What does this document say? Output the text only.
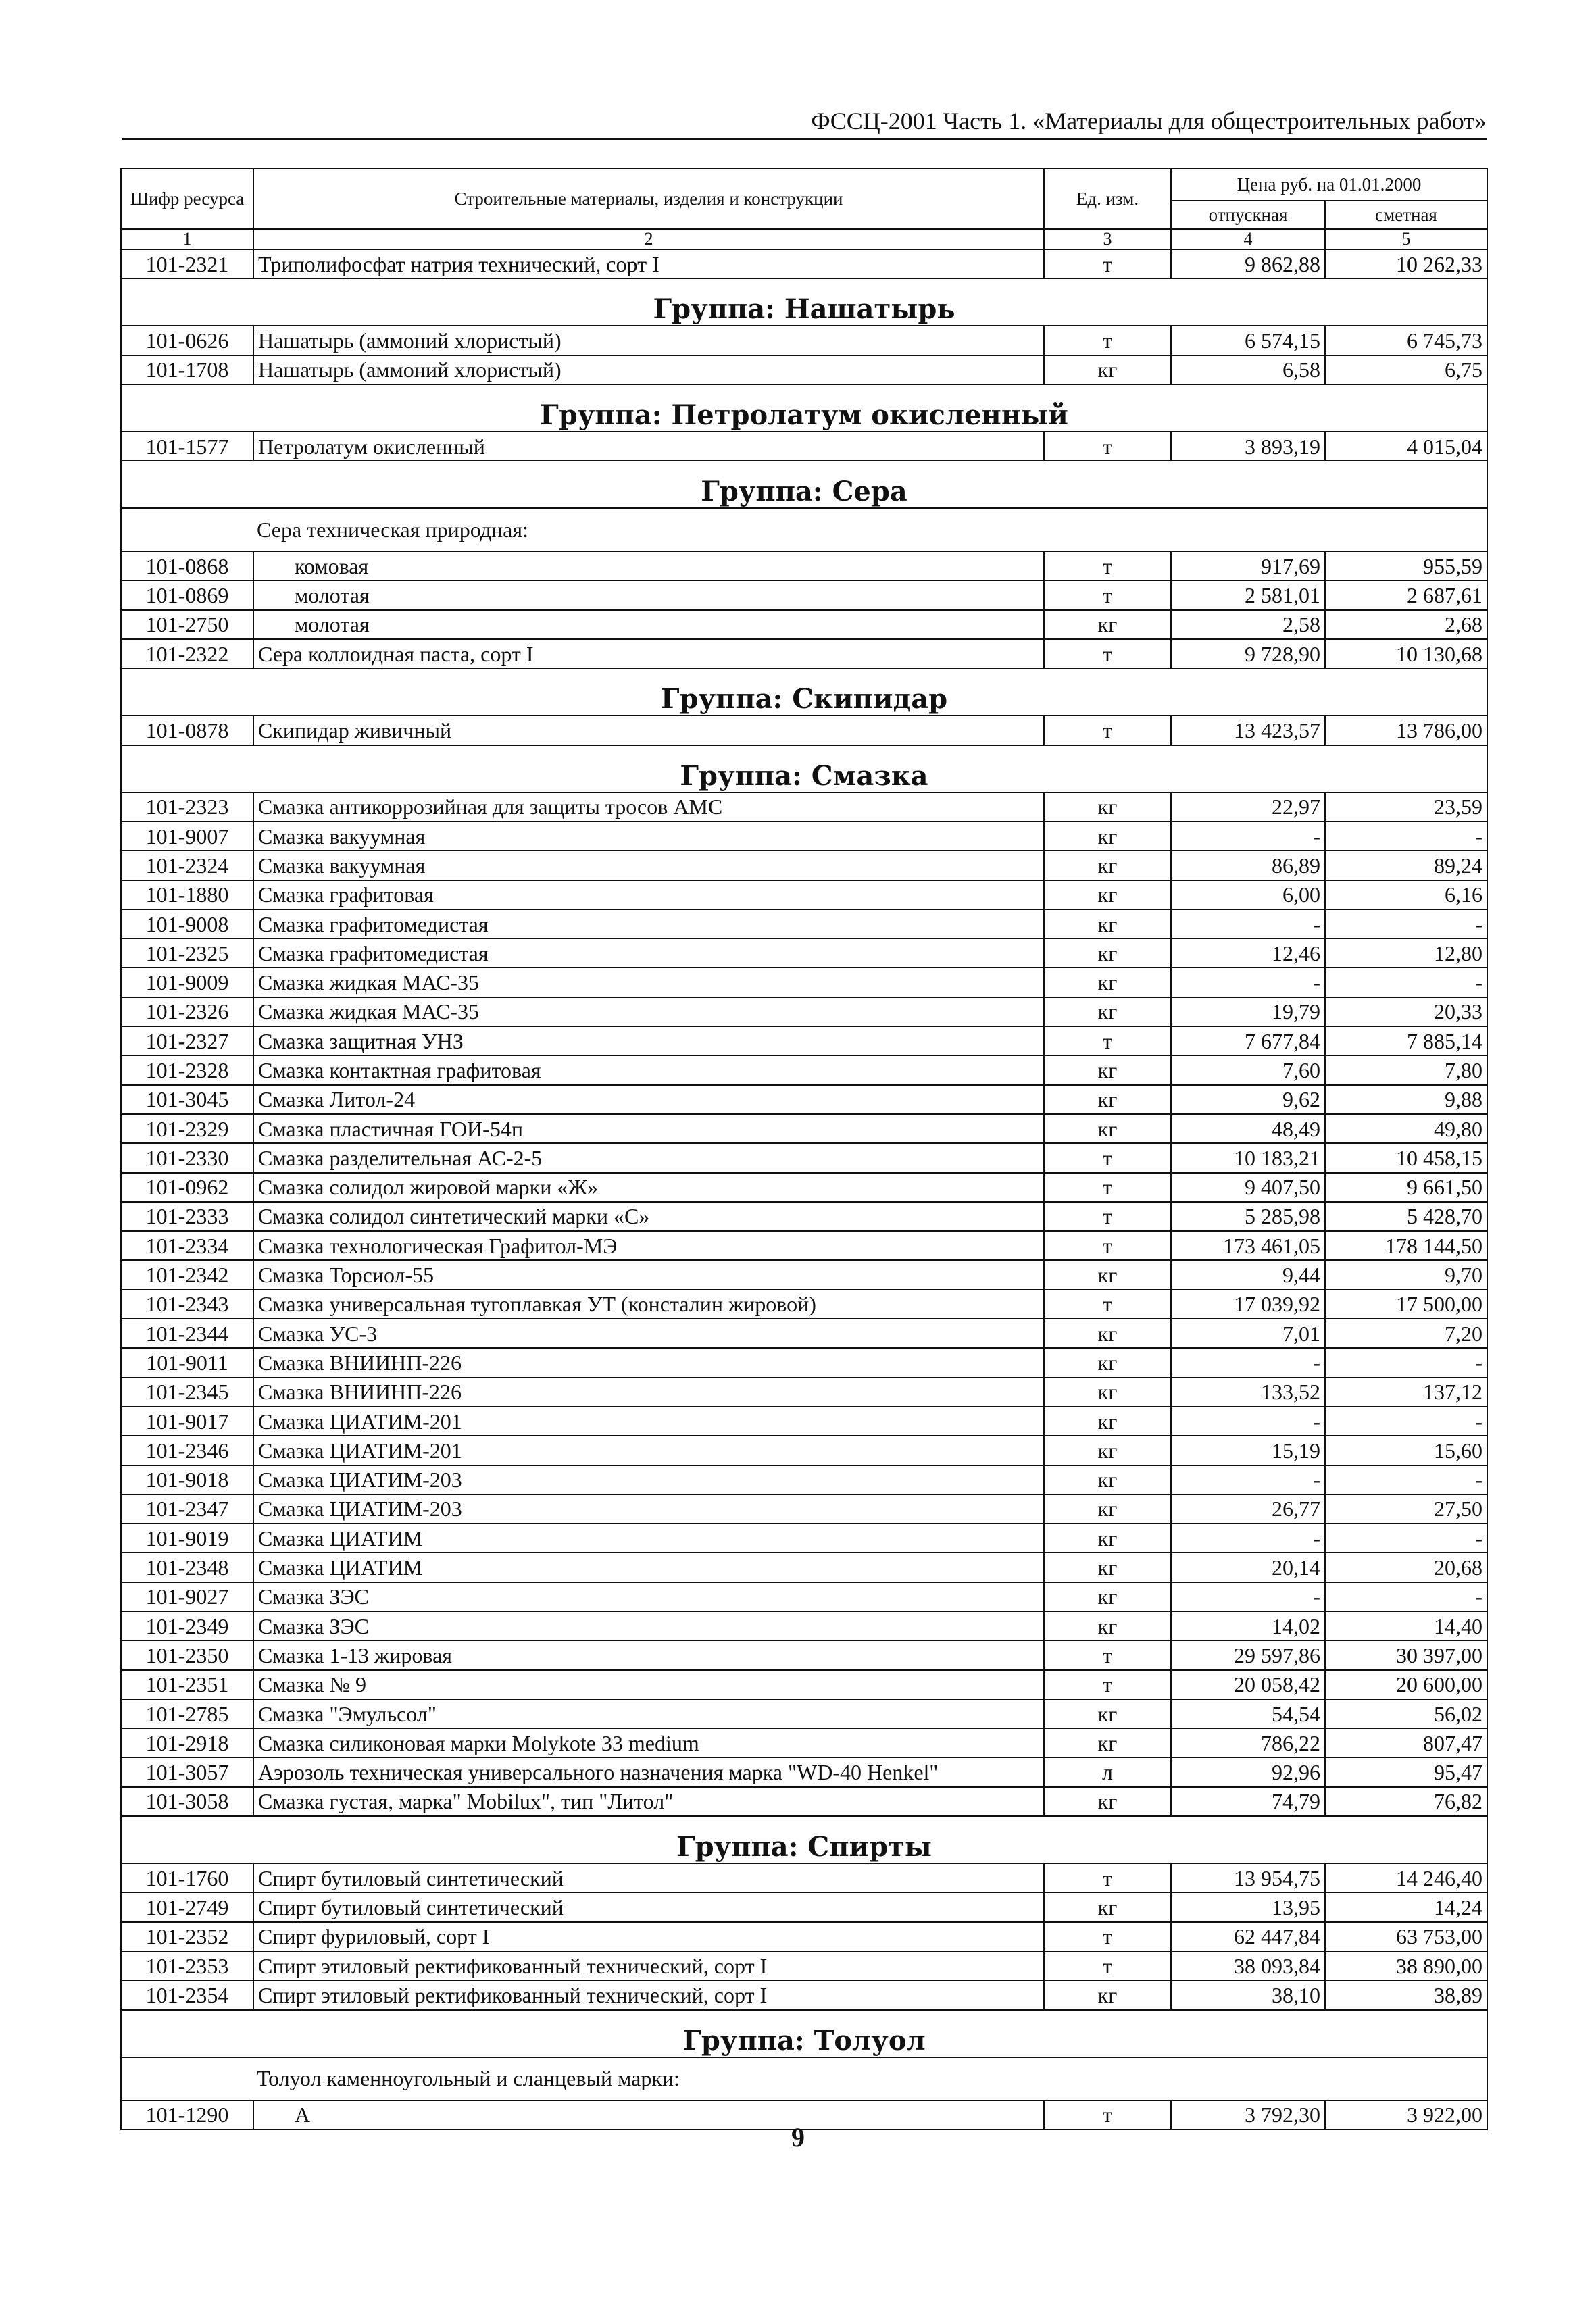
ФССЦ-2001 Часть 1. «Материалы для общестроительных работ»
Шифр ресурса	Строительные материалы, изделия и конструкции	Ед. изм.	Цена руб. на 01.01.2000	
			отпускная	сметная
1	2	3	4	5
101-2321	Триполифосфат натрия технический, сорт I	т	9 862,88	10 262,33
Группа: Нашатырь				
101-0626	Нашатырь (аммоний хлористый)	т	6 574,15	6 745,73
101-1708	Нашатырь (аммоний хлористый)	кг	6,58	6,75
Группа: Петролатум окисленный				
101-1577	Петролатум окисленный	т	3 893,19	4 015,04
Группа: Сера				
Сера техническая природная:				
101-0868	комовая	т	917,69	955,59
101-0869	молотая	т	2 581,01	2 687,61
101-2750	молотая	кг	2,58	2,68
101-2322	Сера коллоидная паста, сорт I	т	9 728,90	10 130,68
Группа: Скипидар				
101-0878	Скипидар живичный	т	13 423,57	13 786,00
Группа: Смазка				
101-2323	Смазка антикоррозийная для защиты тросов АМС	кг	22,97	23,59
101-9007	Смазка вакуумная	кг	-	-
101-2324	Смазка вакуумная	кг	86,89	89,24
101-1880	Смазка графитовая	кг	6,00	6,16
101-9008	Смазка графитомедистая	кг	-	-
101-2325	Смазка графитомедистая	кг	12,46	12,80
101-9009	Смазка жидкая МАС-35	кг	-	-
101-2326	Смазка жидкая МАС-35	кг	19,79	20,33
101-2327	Смазка защитная УНЗ	т	7 677,84	7 885,14
101-2328	Смазка контактная графитовая	кг	7,60	7,80
101-3045	Смазка Литол-24	кг	9,62	9,88
101-2329	Смазка пластичная ГОИ-54п	кг	48,49	49,80
101-2330	Смазка разделительная АС-2-5	т	10 183,21	10 458,15
101-0962	Смазка солидол жировой марки «Ж»	т	9 407,50	9 661,50
101-2333	Смазка солидол синтетический марки «С»	т	5 285,98	5 428,70
101-2334	Смазка технологическая Графитол-МЭ	т	173 461,05	178 144,50
101-2342	Смазка Торсиол-55	кг	9,44	9,70
101-2343	Смазка универсальная тугоплавкая УТ (консталин жировой)	т	17 039,92	17 500,00
101-2344	Смазка УС-3	кг	7,01	7,20
101-9011	Смазка ВНИИНП-226	кг	-	-
101-2345	Смазка ВНИИНП-226	кг	133,52	137,12
101-9017	Смазка ЦИАТИМ-201	кг	-	-
101-2346	Смазка ЦИАТИМ-201	кг	15,19	15,60
101-9018	Смазка ЦИАТИМ-203	кг	-	-
101-2347	Смазка ЦИАТИМ-203	кг	26,77	27,50
101-9019	Смазка ЦИАТИМ	кг	-	-
101-2348	Смазка ЦИАТИМ	кг	20,14	20,68
101-9027	Смазка ЗЭС	кг	-	-
101-2349	Смазка ЗЭС	кг	14,02	14,40
101-2350	Смазка 1-13 жировая	т	29 597,86	30 397,00
101-2351	Смазка № 9	т	20 058,42	20 600,00
101-2785	Смазка "Эмульсол"	кг	54,54	56,02
101-2918	Смазка силиконовая марки Molykote 33 medium	кг	786,22	807,47
101-3057	Аэрозоль техническая универсального назначения марка "WD-40 Henkel"	л	92,96	95,47
101-3058	Смазка густая, марка" Mobilux", тип "Литол"	кг	74,79	76,82
Группа: Спирты				
101-1760	Спирт бутиловый синтетический	т	13 954,75	14 246,40
101-2749	Спирт бутиловый синтетический	кг	13,95	14,24
101-2352	Спирт фуриловый, сорт I	т	62 447,84	63 753,00
101-2353	Спирт этиловый ректификованный технический, сорт I	т	38 093,84	38 890,00
101-2354	Спирт этиловый ректификованный технический, сорт I	кг	38,10	38,89
Группа: Толуол				
Толуол каменноугольный и сланцевый марки:				
101-1290	А	т	3 792,30	3 922,00
9
